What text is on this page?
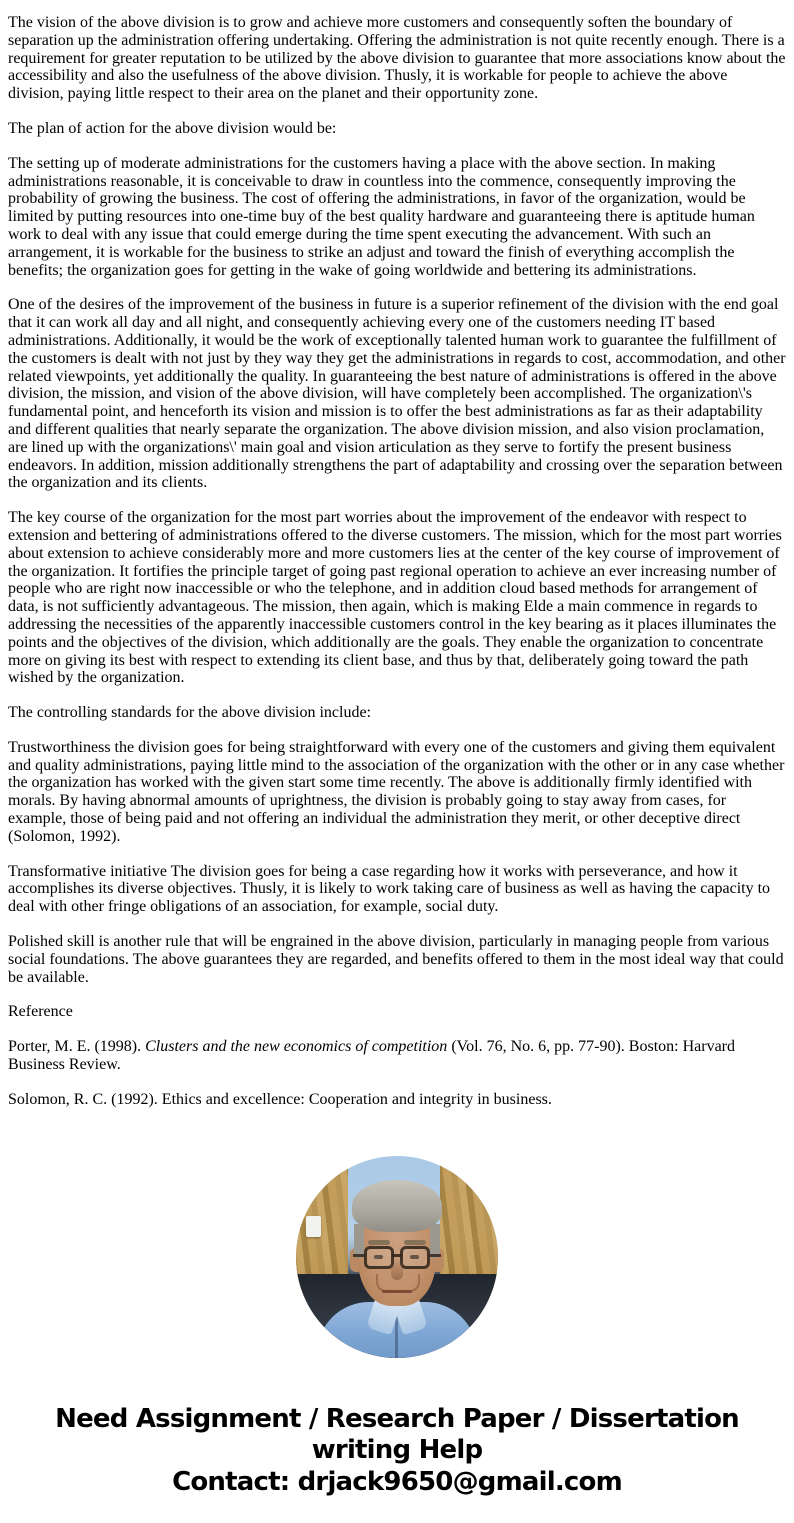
The vision of the above division is to grow and achieve more customers and consequently soften the boundary of separation up the administration offering undertaking. Offering the administration is not quite recently enough. There is a requirement for greater reputation to be utilized by the above division to guarantee that more associations know about the accessibility and also the usefulness of the above division. Thusly, it is workable for people to achieve the above division, paying little respect to their area on the planet and their opportunity zone.

The plan of action for the above division would be:

The setting up of moderate administrations for the customers having a place with the above section. In making administrations reasonable, it is conceivable to draw in countless into the commence, consequently improving the probability of growing the business. The cost of offering the administrations, in favor of the organization, would be limited by putting resources into one-time buy of the best quality hardware and guaranteeing there is aptitude human work to deal with any issue that could emerge during the time spent executing the advancement. With such an arrangement, it is workable for the business to strike an adjust and toward the finish of everything accomplish the benefits; the organization goes for getting in the wake of going worldwide and bettering its administrations.

One of the desires of the improvement of the business in future is a superior refinement of the division with the end goal that it can work all day and all night, and consequently achieving every one of the customers needing IT based administrations. Additionally, it would be the work of exceptionally talented human work to guarantee the fulfillment of the customers is dealt with not just by they way they get the administrations in regards to cost, accommodation, and other related viewpoints, yet additionally the quality. In guaranteeing the best nature of administrations is offered in the above division, the mission, and vision of the above division, will have completely been accomplished. The organization\'s fundamental point, and henceforth its vision and mission is to offer the best administrations as far as their adaptability and different qualities that nearly separate the organization. The above division mission, and also vision proclamation, are lined up with the organizations\' main goal and vision articulation as they serve to fortify the present business endeavors. In addition, mission additionally strengthens the part of adaptability and crossing over the separation between the organization and its clients.

The key course of the organization for the most part worries about the improvement of the endeavor with respect to extension and bettering of administrations offered to the diverse customers. The mission, which for the most part worries about extension to achieve considerably more and more customers lies at the center of the key course of improvement of the organization. It fortifies the principle target of going past regional operation to achieve an ever increasing number of people who are right now inaccessible or who the telephone, and in addition cloud based methods for arrangement of data, is not sufficiently advantageous. The mission, then again, which is making Elde a main commence in regards to addressing the necessities of the apparently inaccessible customers control in the key bearing as it places illuminates the points and the objectives of the division, which additionally are the goals. They enable the organization to concentrate more on giving its best with respect to extending its client base, and thus by that, deliberately going toward the path wished by the organization.

The controlling standards for the above division include:

Trustworthiness the division goes for being straightforward with every one of the customers and giving them equivalent and quality administrations, paying little mind to the association of the organization with the other or in any case whether the organization has worked with the given start some time recently. The above is additionally firmly identified with morals. By having abnormal amounts of uprightness, the division is probably going to stay away from cases, for example, those of being paid and not offering an individual the administration they merit, or other deceptive direct (Solomon, 1992).

Transformative initiative The division goes for being a case regarding how it works with perseverance, and how it accomplishes its diverse objectives. Thusly, it is likely to work taking care of business as well as having the capacity to deal with other fringe obligations of an association, for example, social duty.

Polished skill is another rule that will be engrained in the above division, particularly in managing people from various social foundations. The above guarantees they are regarded, and benefits offered to them in the most ideal way that could be available.

Reference

Porter, M. E. (1998). Clusters and the new economics of competition (Vol. 76, No. 6, pp. 77-90). Boston: Harvard Business Review.

Solomon, R. C. (1992). Ethics and excellence: Cooperation and integrity in business.

Need Assignment / Research Paper / Dissertation
writing Help
Contact: drjack9650@gmail.com
